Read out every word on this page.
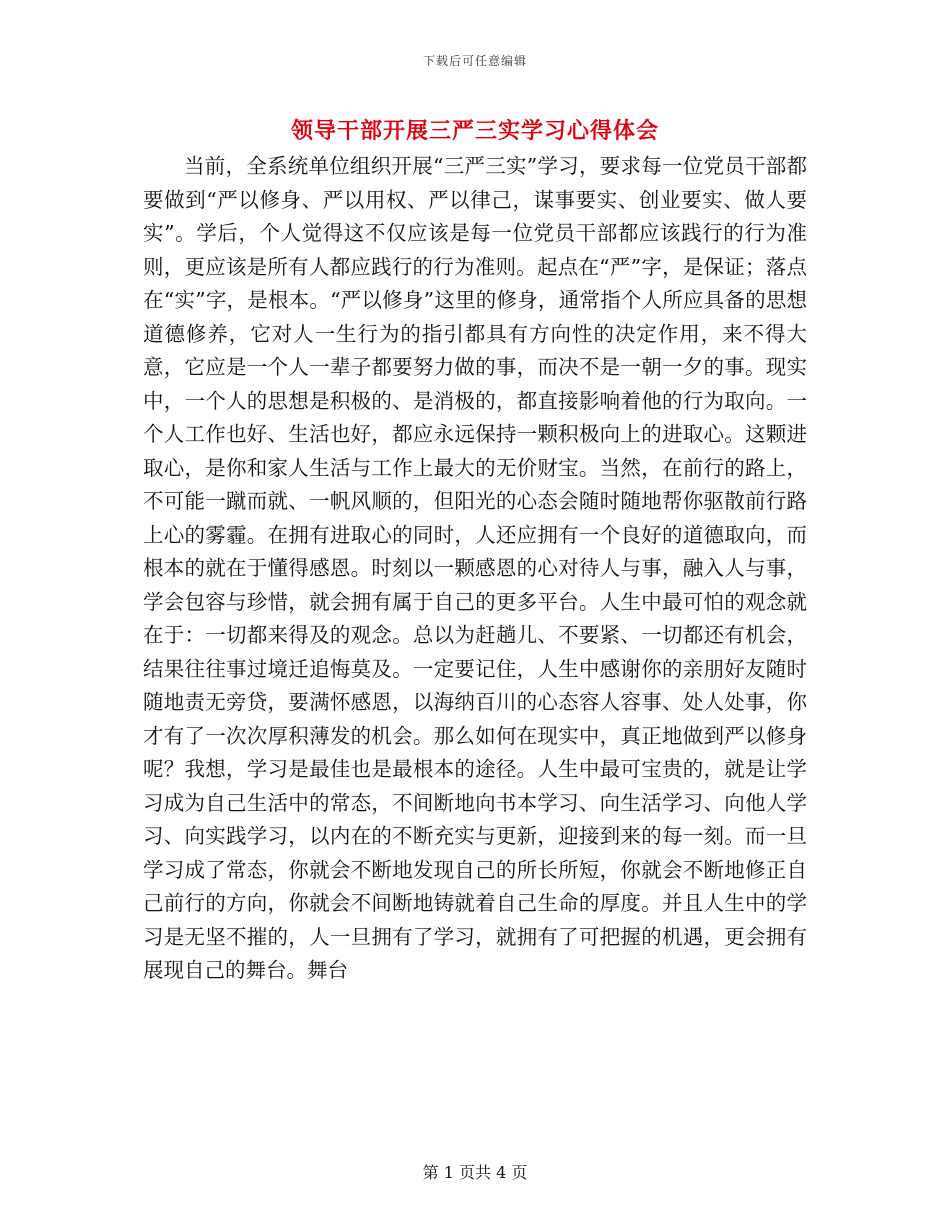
下载后可任意编辑
领导干部开展三严三实学习心得体会

当前，全系统单位组织开展“三严三实”学习，要求每一位党员干部都要做到“严以修身、严以用权、严以律己，谋事要实、创业要实、做人要实”。学后，个人觉得这不仅应该是每一位党员干部都应该践行的行为准则，更应该是所有人都应践行的行为准则。起点在“严”字，是保证；落点在“实”字，是根本。“严以修身”这里的修身，通常指个人所应具备的思想道德修养，它对人一生行为的指引都具有方向性的决定作用，来不得大意，它应是一个人一辈子都要努力做的事，而决不是一朝一夕的事。现实中，一个人的思想是积极的、是消极的，都直接影响着他的行为取向。一个人工作也好、生活也好，都应永远保持一颗积极向上的进取心。这颗进取心，是你和家人生活与工作上最大的无价财宝。当然，在前行的路上，不可能一蹴而就、一帆风顺的，但阳光的心态会随时随地帮你驱散前行路上心的雾霾。在拥有进取心的同时，人还应拥有一个良好的道德取向，而根本的就在于懂得感恩。时刻以一颗感恩的心对待人与事，融入人与事，学会包容与珍惜，就会拥有属于自己的更多平台。人生中最可怕的观念就在于：一切都来得及的观念。总以为赶趟儿、不要紧、一切都还有机会，结果往往事过境迁追悔莫及。一定要记住，人生中感谢你的亲朋好友随时随地责无旁贷，要满怀感恩，以海纳百川的心态容人容事、处人处事，你才有了一次次厚积薄发的机会。那么如何在现实中，真正地做到严以修身呢？我想，学习是最佳也是最根本的途径。人生中最可宝贵的，就是让学习成为自己生活中的常态，不间断地向书本学习、向生活学习、向他人学习、向实践学习，以内在的不断充实与更新，迎接到来的每一刻。而一旦学习成了常态，你就会不断地发现自己的所长所短，你就会不断地修正自己前行的方向，你就会不间断地铸就着自己生命的厚度。并且人生中的学习是无坚不摧的，人一旦拥有了学习，就拥有了可把握的机遇，更会拥有展现自己的舞台。舞台

第 1 页共 4 页
